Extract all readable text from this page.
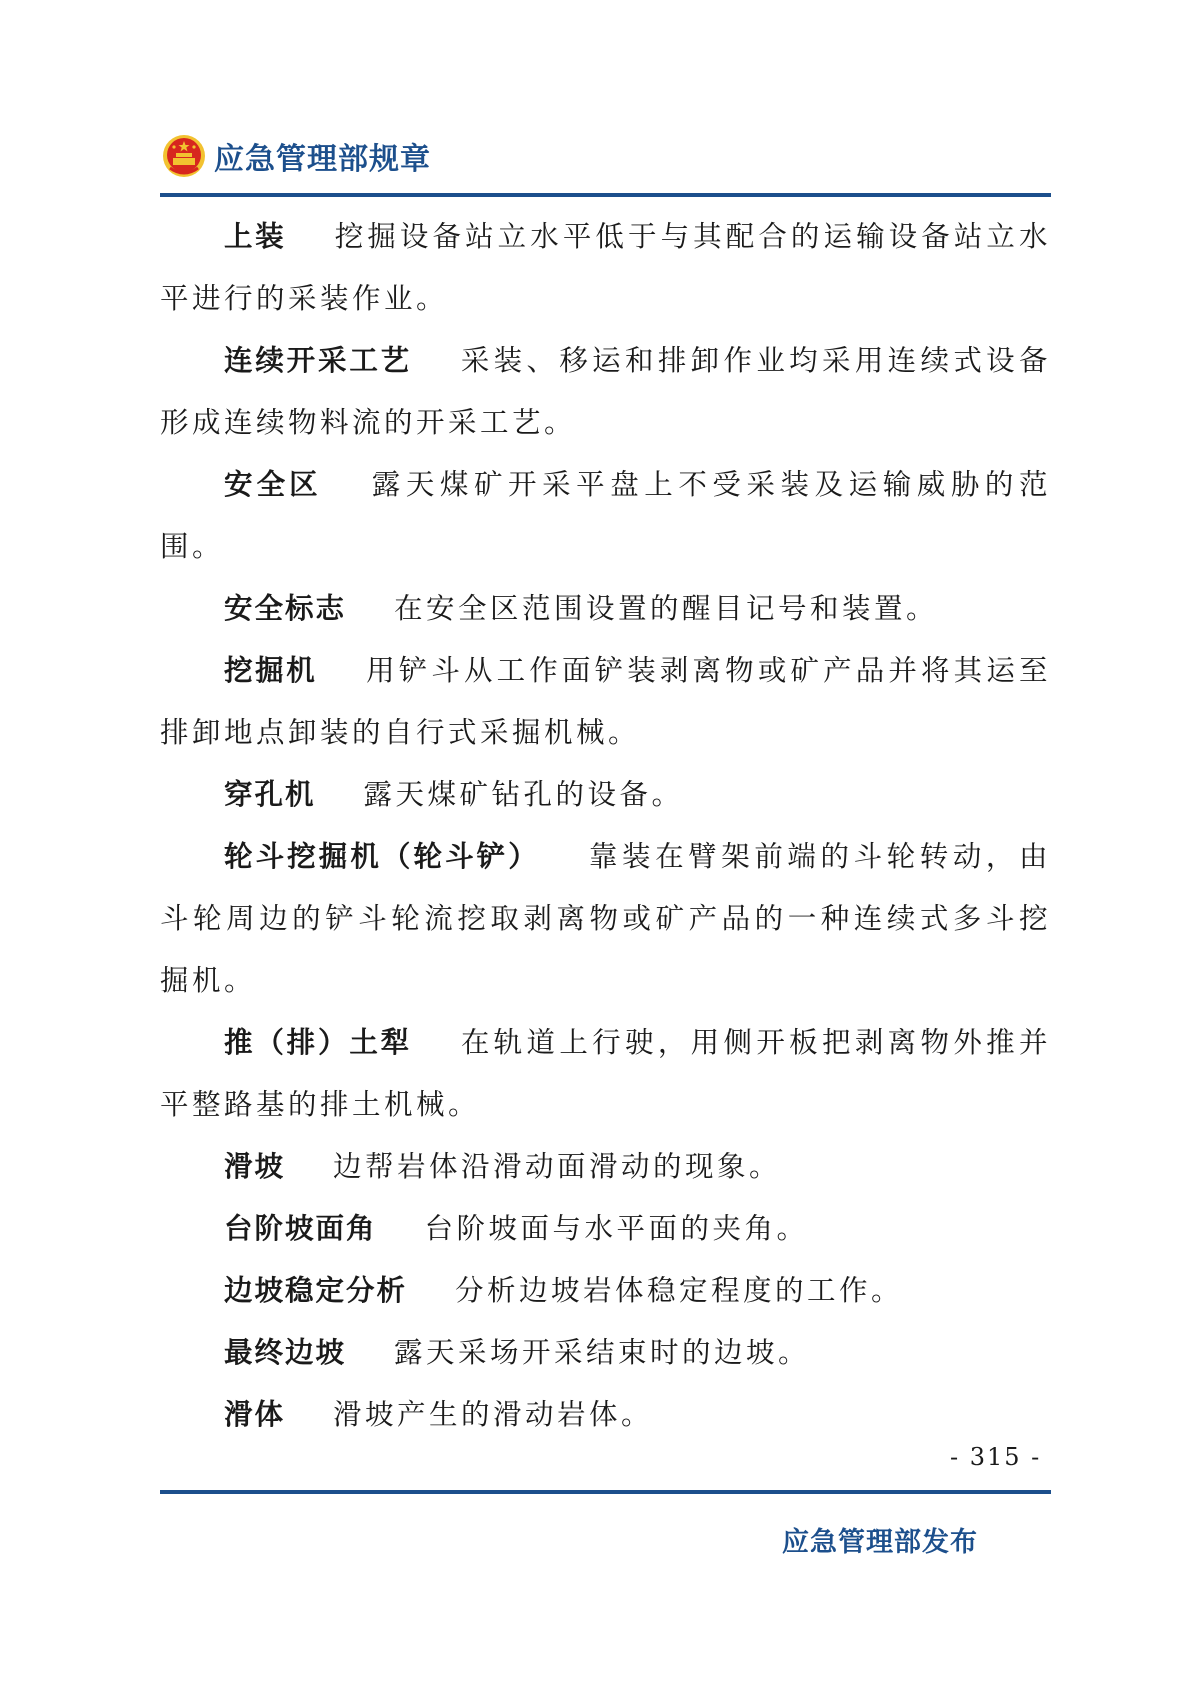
应急管理部规章

上装 挖掘设备站立水平低于与其配合的运输设备站立水平进行的采装作业。

连续开采工艺 采装、移运和排卸作业均采用连续式设备形成连续物料流的开采工艺。

安全区 露天煤矿开采平盘上不受采装及运输威胁的范围。

安全标志 在安全区范围设置的醒目记号和装置。

挖掘机 用铲斗从工作面铲装剥离物或矿产品并将其运至排卸地点卸装的自行式采掘机械。

穿孔机 露天煤矿钻孔的设备。

轮斗挖掘机（轮斗铲） 靠装在臂架前端的斗轮转动，由斗轮周边的铲斗轮流挖取剥离物或矿产品的一种连续式多斗挖掘机。

推（排）土犁 在轨道上行驶，用侧开板把剥离物外推并平整路基的排土机械。

滑坡 边帮岩体沿滑动面滑动的现象。

台阶坡面角 台阶坡面与水平面的夹角。

边坡稳定分析 分析边坡岩体稳定程度的工作。

最终边坡 露天采场开采结束时的边坡。

滑体 滑坡产生的滑动岩体。

- 315 -
应急管理部发布
